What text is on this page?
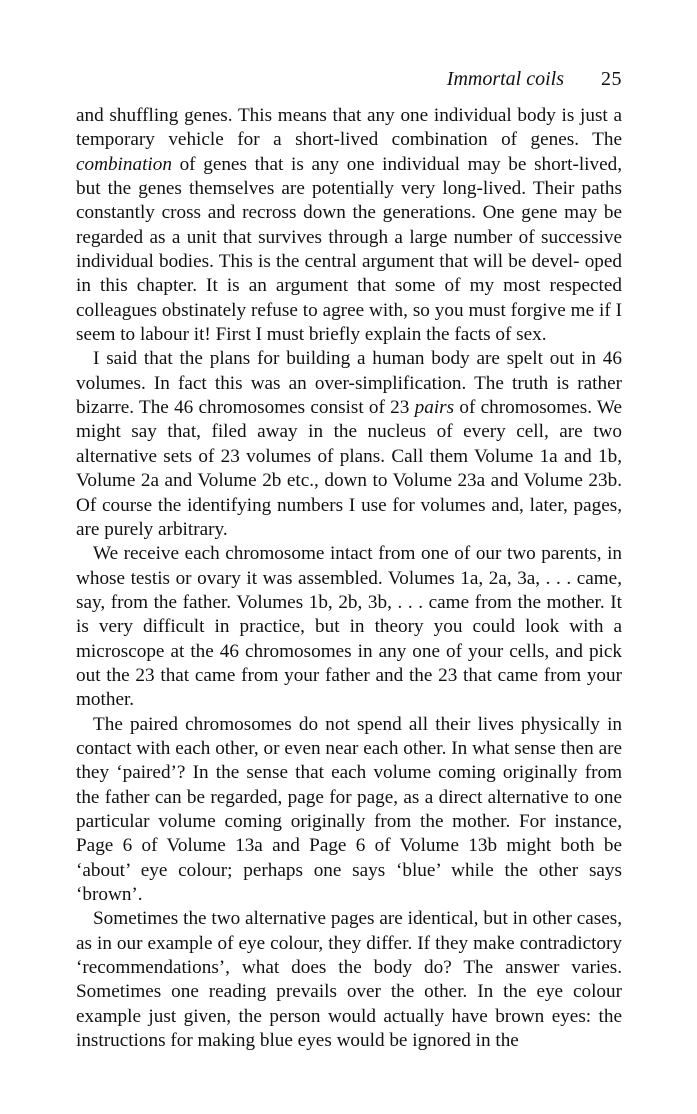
Immortal coils 25

and shuffling genes. This means that any one individual body is just a temporary vehicle for a short-lived combination of genes. The combination of genes that is any one individual may be short-lived, but the genes themselves are potentially very long-lived. Their paths constantly cross and recross down the generations. One gene may be regarded as a unit that survives through a large number of successive individual bodies. This is the central argument that will be devel- oped in this chapter. It is an argument that some of my most respected colleagues obstinately refuse to agree with, so you must forgive me if I seem to labour it! First I must briefly explain the facts of sex.

I said that the plans for building a human body are spelt out in 46 volumes. In fact this was an over-simplification. The truth is rather bizarre. The 46 chromosomes consist of 23 pairs of chromosomes. We might say that, filed away in the nucleus of every cell, are two alternative sets of 23 volumes of plans. Call them Volume 1a and 1b, Volume 2a and Volume 2b etc., down to Volume 23a and Volume 23b. Of course the identifying numbers I use for volumes and, later, pages, are purely arbitrary.

We receive each chromosome intact from one of our two parents, in whose testis or ovary it was assembled. Volumes 1a, 2a, 3a, . . . came, say, from the father. Volumes 1b, 2b, 3b, . . . came from the mother. It is very difficult in practice, but in theory you could look with a microscope at the 46 chromosomes in any one of your cells, and pick out the 23 that came from your father and the 23 that came from your mother.

The paired chromosomes do not spend all their lives physically in contact with each other, or even near each other. In what sense then are they ‘paired’? In the sense that each volume coming originally from the father can be regarded, page for page, as a direct alternative to one particular volume coming originally from the mother. For instance, Page 6 of Volume 13a and Page 6 of Volume 13b might both be ‘about’ eye colour; perhaps one says ‘blue’ while the other says ‘brown’.

Sometimes the two alternative pages are identical, but in other cases, as in our example of eye colour, they differ. If they make contradictory ‘recommendations’, what does the body do? The answer varies. Sometimes one reading prevails over the other. In the eye colour example just given, the person would actually have brown eyes: the instructions for making blue eyes would be ignored in the
